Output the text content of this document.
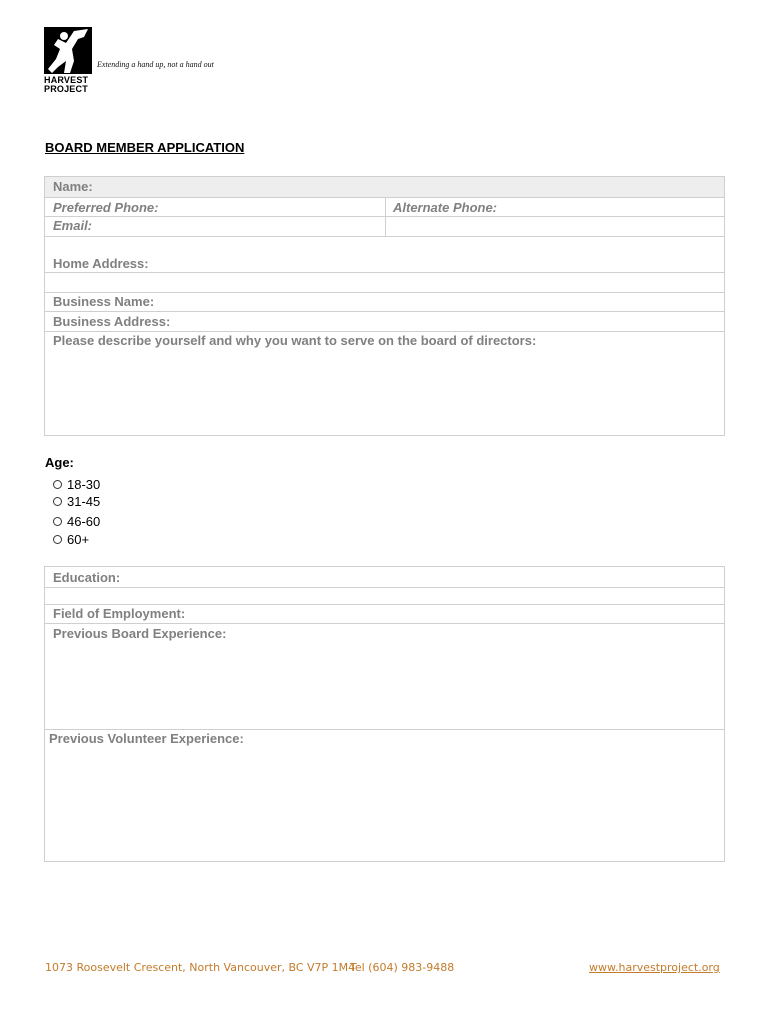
HARVEST
PROJECT
Extending a hand up, not a hand out
BOARD MEMBER APPLICATION
Name:
Preferred Phone:	Alternate Phone:
Email:
Home Address:
Business Name:
Business Address:
Please describe yourself and why you want to serve on the board of directors:
Age:
18-30
31-45
46-60
60+
Education:
Field of Employment:
Previous Board Experience:
Previous Volunteer Experience:
1073 Roosevelt Crescent, North Vancouver, BC V7P 1M4
Tel (604) 983-9488	www.harvestproject.org
